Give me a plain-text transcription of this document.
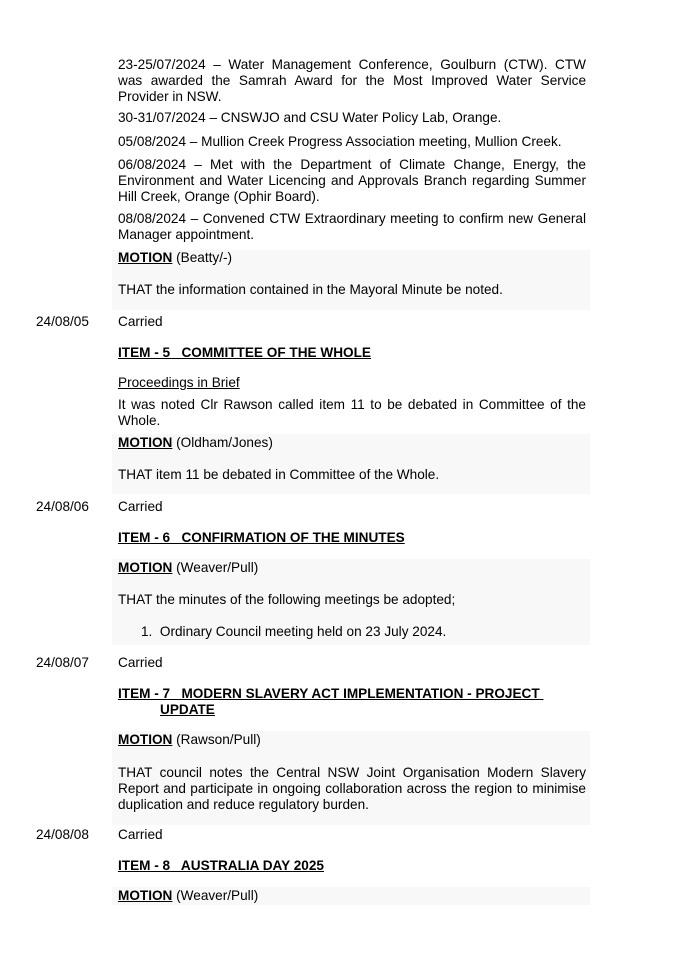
23-25/07/2024 – Water Management Conference, Goulburn (CTW). CTW was awarded the Samrah Award for the Most Improved Water Service Provider in NSW.

30-31/07/2024 – CNSWJO and CSU Water Policy Lab, Orange.

05/08/2024 – Mullion Creek Progress Association meeting, Mullion Creek.

06/08/2024 – Met with the Department of Climate Change, Energy, the Environment and Water Licencing and Approvals Branch regarding Summer Hill Creek, Orange (Ophir Board).

08/08/2024 – Convened CTW Extraordinary meeting to confirm new General Manager appointment.

MOTION (Beatty/-)

THAT the information contained in the Mayoral Minute be noted.

24/08/05 Carried
ITEM - 5   COMMITTEE OF THE WHOLE
Proceedings in Brief

It was noted Clr Rawson called item 11 to be debated in Committee of the Whole.

MOTION (Oldham/Jones)

THAT item 11 be debated in Committee of the Whole.

24/08/06 Carried
ITEM - 6   CONFIRMATION OF THE MINUTES
MOTION (Weaver/Pull)

THAT the minutes of the following meetings be adopted;

1.  Ordinary Council meeting held on 23 July 2024.
24/08/07 Carried
ITEM - 7   MODERN SLAVERY ACT IMPLEMENTATION - PROJECT UPDATE
MOTION (Rawson/Pull)

THAT council notes the Central NSW Joint Organisation Modern Slavery Report and participate in ongoing collaboration across the region to minimise duplication and reduce regulatory burden.

24/08/08 Carried
ITEM - 8   AUSTRALIA DAY 2025
MOTION (Weaver/Pull)
